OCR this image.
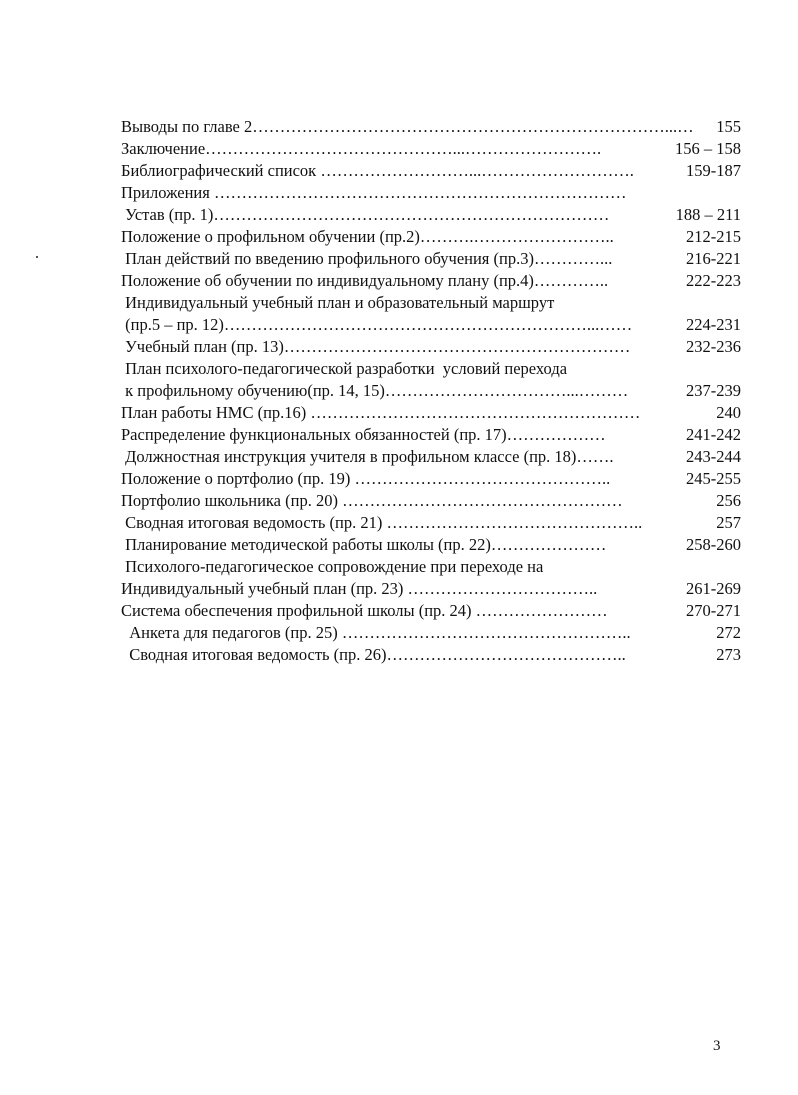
Выводы по главе 2…………………………………………………………………...…	155
Заключение………………………………………...…………………….	156 – 158
Библиографический список ………………………...……………………….	159-187
Приложения …………………………………………………………………
Устав (пр. 1)………………………………………………………………	188 – 211
Положение о профильном обучении (пр.2)……….……………………..	212-215
План действий по введению профильного обучения (пр.3)…………...	216-221
Положение об обучении по индивидуальному плану (пр.4)…………..	222-223
Индивидуальный учебный план и образовательный маршрут
(пр.5 – пр. 12)…………………………………………………………...……	224-231
Учебный план (пр. 13)………………………………………………………	232-236
План психолого-педагогической разработки  условий перехода
к профильному обучению(пр. 14, 15)……………………………...………	237-239
План работы НМС (пр.16) ……………………………………………………	240
Распределение функциональных обязанностей (пр. 17)………………	241-242
Должностная инструкция учителя в профильном классе (пр. 18)…….	243-244
Положение о портфолио (пр. 19) ………………………………………..	245-255
Портфолио школьника (пр. 20) ……………………………………………	256
Сводная итоговая ведомость (пр. 21) ………………………………………..	257
Планирование методической работы школы (пр. 22)…………………	258-260
Психолого-педагогическое сопровождение при переходе на
Индивидуальный учебный план (пр. 23) ……………………………..	261-269
Система обеспечения профильной школы (пр. 24) ……………………	270-271
Анкета для педагогов (пр. 25) ……………………………………………..	272
Сводная итоговая ведомость (пр. 26)……………………………………..	273
3
